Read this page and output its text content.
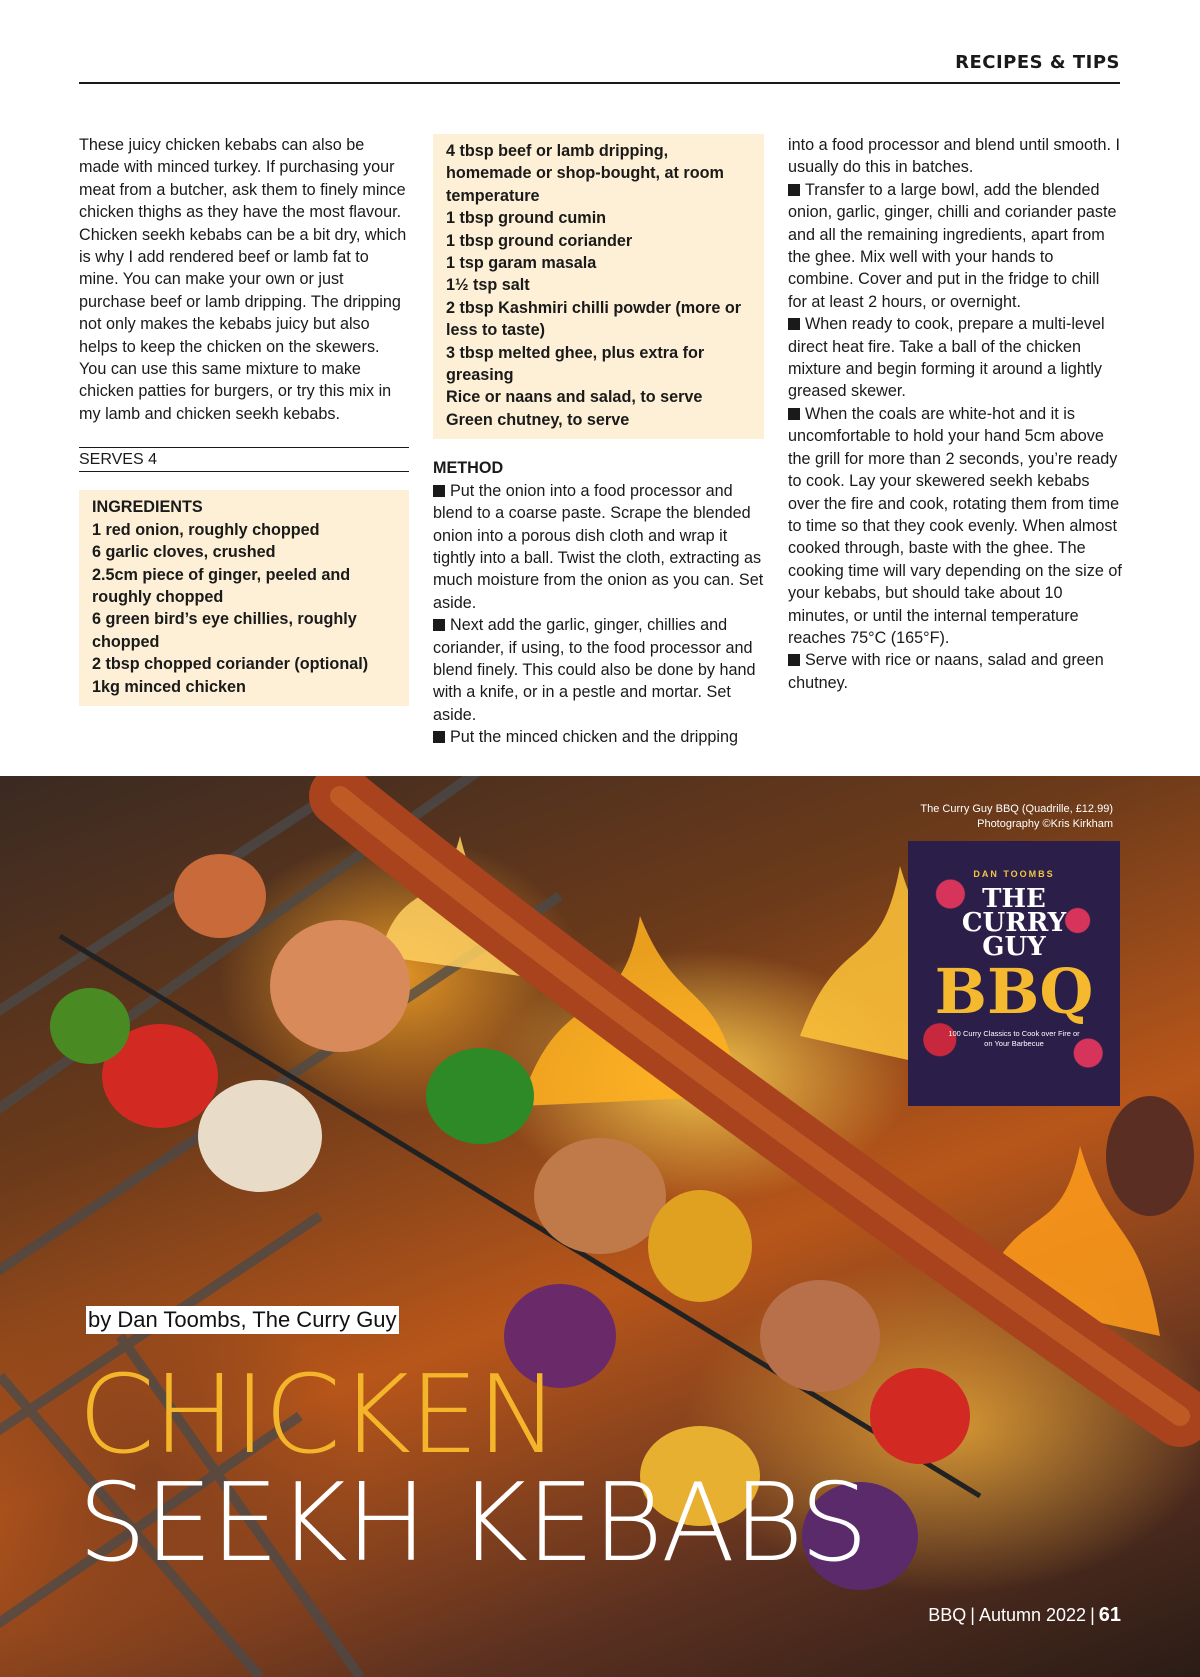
RECIPES & TIPS

These juicy chicken kebabs can also be made with minced turkey. If purchasing your meat from a butcher, ask them to finely mince chicken thighs as they have the most flavour. Chicken seekh kebabs can be a bit dry, which is why I add rendered beef or lamb fat to mine. You can make your own or just purchase beef or lamb dripping. The dripping not only makes the kebabs juicy but also helps to keep the chicken on the skewers. You can use this same mixture to make chicken patties for burgers, or try this mix in my lamb and chicken seekh kebabs.

SERVES 4
INGREDIENTS
1 red onion, roughly chopped
6 garlic cloves, crushed
2.5cm piece of ginger, peeled and roughly chopped
6 green bird’s eye chillies, roughly chopped
2 tbsp chopped coriander (optional)
1kg minced chicken
4 tbsp beef or lamb dripping, homemade or shop-bought, at room temperature
1 tbsp ground cumin
1 tbsp ground coriander
1 tsp garam masala
1½ tsp salt
2 tbsp Kashmiri chilli powder (more or less to taste)
3 tbsp melted ghee, plus extra for greasing
Rice or naans and salad, to serve
Green chutney, to serve
METHOD
Put the onion into a food processor and blend to a coarse paste. Scrape the blended onion into a porous dish cloth and wrap it tightly into a ball. Twist the cloth, extracting as much moisture from the onion as you can. Set aside.
Next add the garlic, ginger, chillies and coriander, if using, to the food processor and blend finely. This could also be done by hand with a knife, or in a pestle and mortar. Set aside.
Put the minced chicken and the dripping
into a food processor and blend until smooth. I usually do this in batches.
Transfer to a large bowl, add the blended onion, garlic, ginger, chilli and coriander paste and all the remaining ingredients, apart from the ghee. Mix well with your hands to combine. Cover and put in the fridge to chill for at least 2 hours, or overnight.
When ready to cook, prepare a multi-level direct heat fire. Take a ball of the chicken mixture and begin forming it around a lightly greased skewer.
When the coals are white-hot and it is uncomfortable to hold your hand 5cm above the grill for more than 2 seconds, you’re ready to cook. Lay your skewered seekh kebabs over the fire and cook, rotating them from time to time so that they cook evenly. When almost cooked through, baste with the ghee. The cooking time will vary depending on the size of your kebabs, but should take about 10 minutes, or until the internal temperature reaches 75°C (165°F).
Serve with rice or naans, salad and green chutney.
The Curry Guy BBQ (Quadrille, £12.99)
Photography ©Kris Kirkham
DAN TOOMBS
THE
CURRY
GUY
BBQ
100 Curry Classics to Cook over Fire or on Your Barbecue
by Dan Toombs, The Curry Guy
CHICKEN
SEEKH KEBABS
BBQ | Autumn 2022 | 61
